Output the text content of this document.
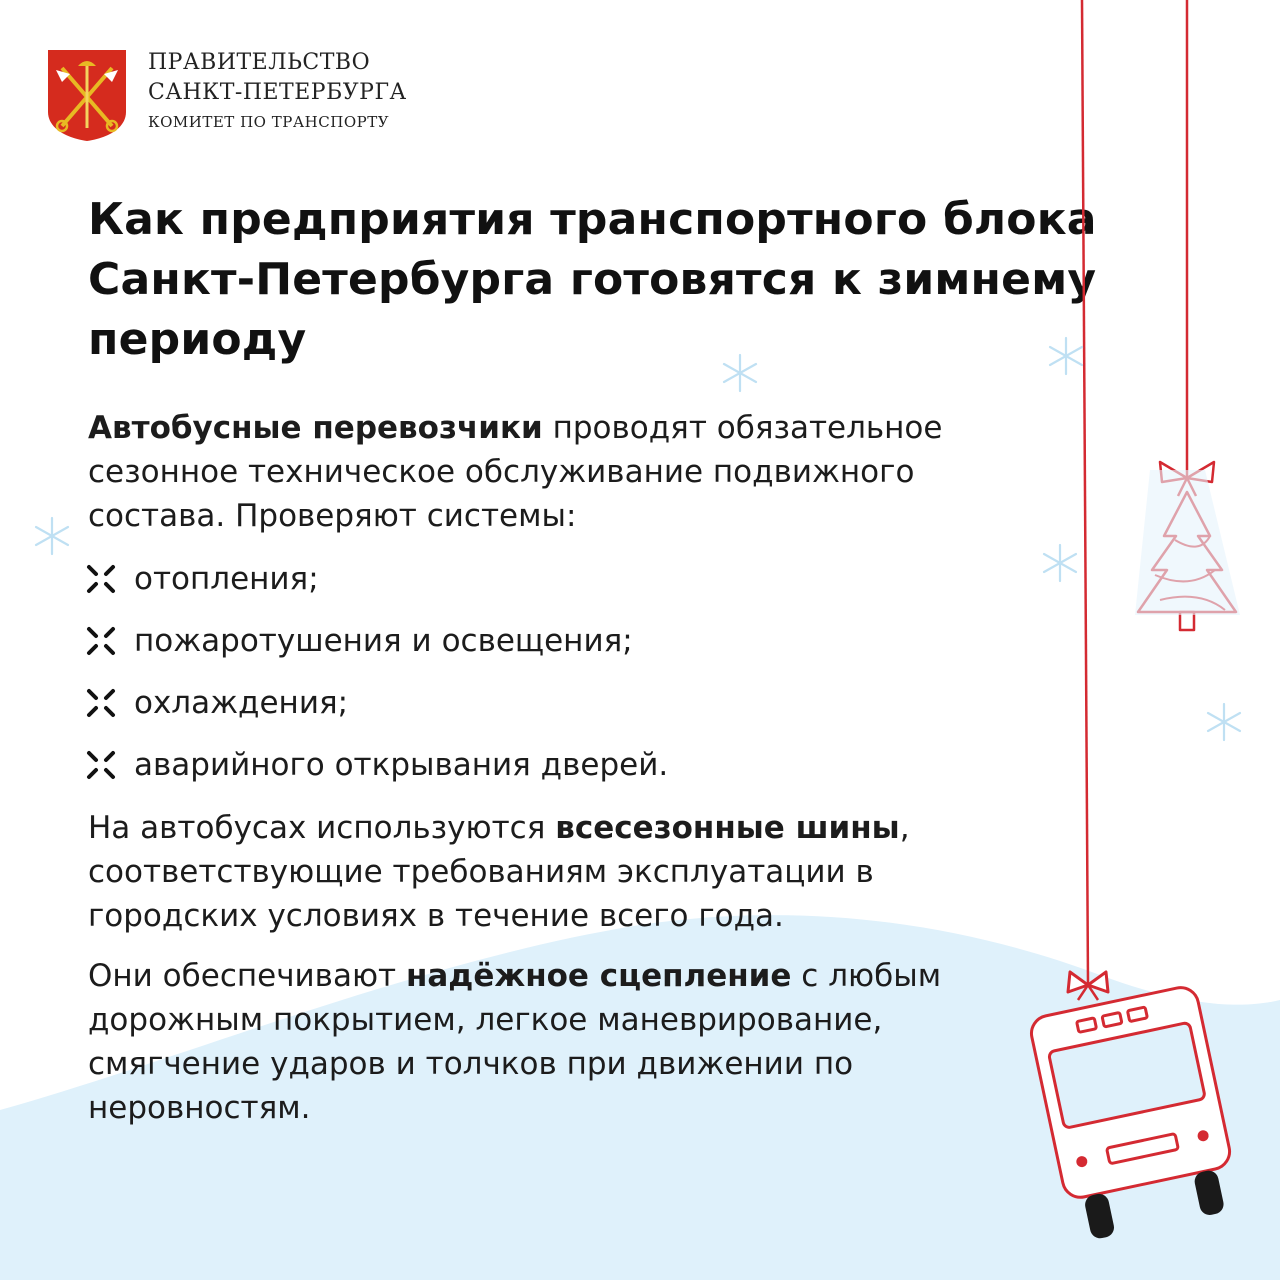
ПРАВИТЕЛЬСТВО
САНКТ-ПЕТЕРБУРГА
КОМИТЕТ ПО ТРАНСПОРТУ
Как предприятия транспортного блока Санкт-Петербурга готовятся к зимнему периоду

Автобусные перевозчики проводят обязательное сезонное техническое обслуживание подвижного состава. Проверяют системы:

отопления;
пожаротушения и освещения;
охлаждения;
аварийного открывания дверей.

На автобусах используются всесезонные шины, соответствующие требованиям эксплуатации в городских условиях в течение всего года.

Они обеспечивают надёжное сцепление с любым дорожным покрытием, легкое маневрирование, смягчение ударов и толчков при движении по неровностям.
